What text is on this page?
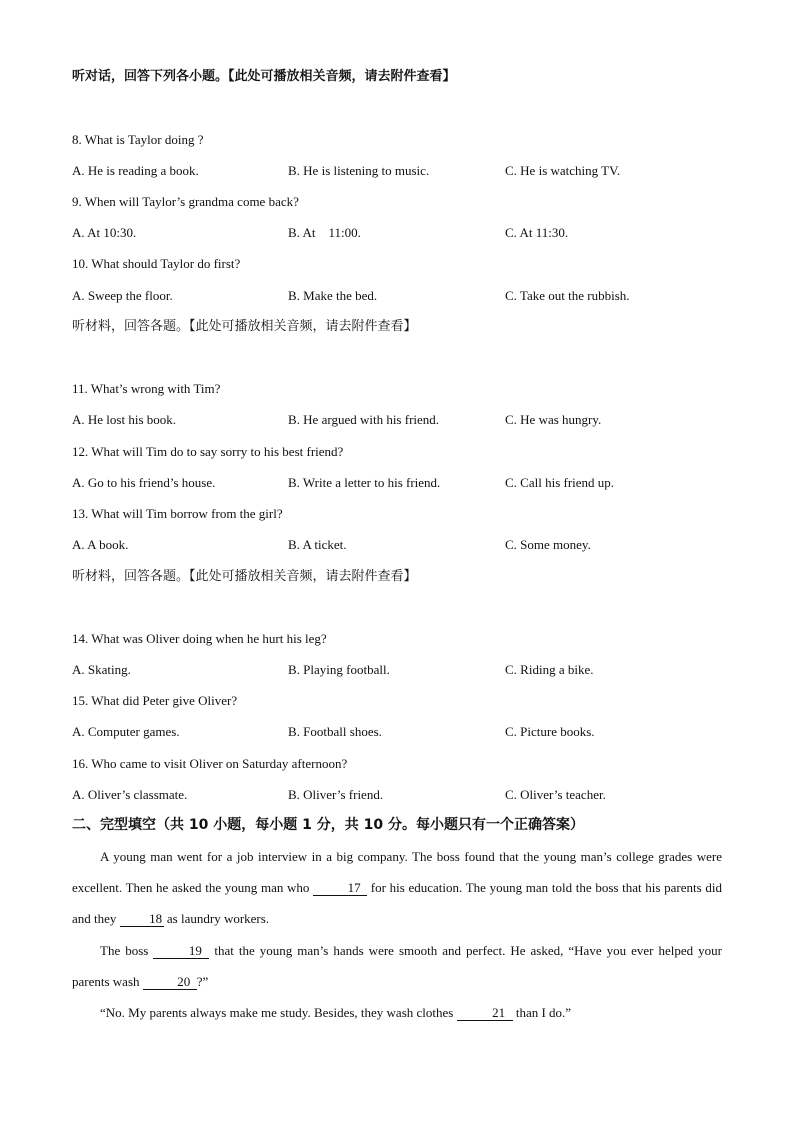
听对话，回答下列各小题。【此处可播放相关音频，请去附件查看】
8. What is Taylor doing ?
A. He is reading a book.	B. He is listening to music.	C. He is watching TV.
9. When will Taylor’s grandma come back?
A. At 10:30.	B. At    11:00.	C. At 11:30.
10. What should Taylor do first?
A. Sweep the floor.	B. Make the bed.	C. Take out the rubbish.
听材料，回答各题。【此处可播放相关音频，请去附件查看】
11. What’s wrong with Tim?
A. He lost his book.	B. He argued with his friend.	C. He was hungry.
12. What will Tim do to say sorry to his best friend?
A. Go to his friend’s house.	B. Write a letter to his friend.	C. Call his friend up.
13. What will Tim borrow from the girl?
A. A book.	B. A ticket.	C. Some money.
听材料，回答各题。【此处可播放相关音频，请去附件查看】
14. What was Oliver doing when he hurt his leg?
A. Skating.	B. Playing football.	C. Riding a bike.
15. What did Peter give Oliver?
A. Computer games.	B. Football shoes.	C. Picture books.
16. Who came to visit Oliver on Saturday afternoon?
A. Oliver’s classmate.	B. Oliver’s friend.	C. Oliver’s teacher.
二、完型填空（共 10 小题，每小题 1 分，共 10 分。每小题只有一个正确答案）
A young man went for a job interview in a big company. The boss found that the young man’s college grades were excellent. Then he asked the young man who	17 for his education. The young man told the boss that his parents did and they 18 as laundry workers.
The boss	19 that the young man’s hands were smooth and perfect. He asked, “Have you ever helped your parents wash	20 ?”
“No. My parents always make me study. Besides, they wash clothes	21 than I do.”
